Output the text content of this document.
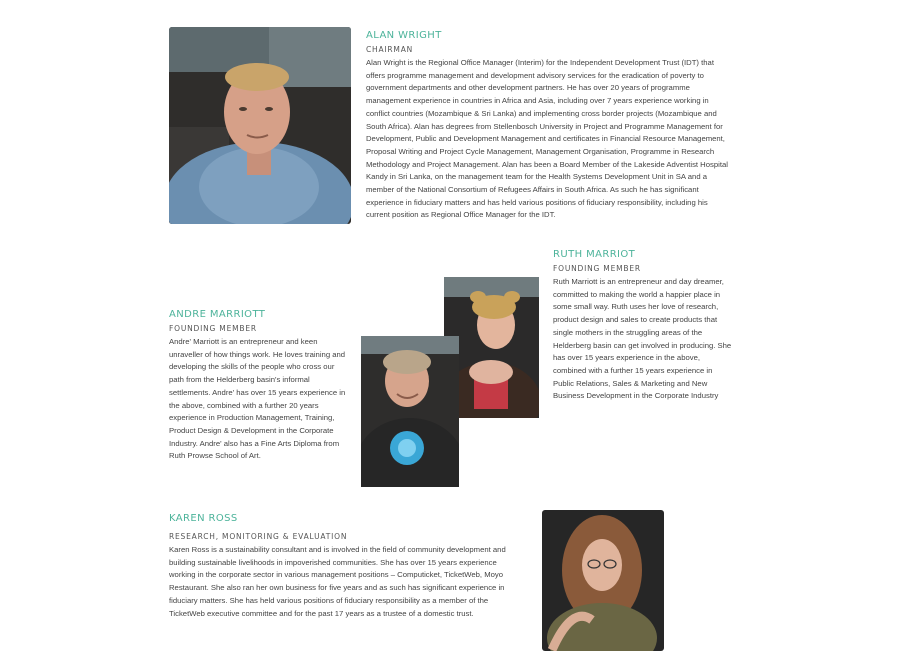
ALAN WRIGHT

CHAIRMAN

Alan Wright is the Regional Office Manager (Interim) for the Independent Development Trust (IDT) that offers programme management and development advisory services for the eradication of poverty to government departments and other development partners. He has over 20 years of programme management experience in countries in Africa and Asia, including over 7 years experience working in conflict countries (Mozambique & Sri Lanka) and implementing cross border projects (Mozambique and South Africa). Alan has degrees from Stellenbosch University in Project and Programme Management for Development, Public and Development Management and certificates in Financial Resource Management, Proposal Writing and Project Cycle Management, Management Organisation, Programme in Research Methodology and Project Management. Alan has been a Board Member of the Lakeside Adventist Hospital Kandy in Sri Lanka, on the management team for the Health Systems Development Unit in SA and a member of the National Consortium of Refugees Affairs in South Africa. As such he has significant experience in fiduciary matters and has held various positions of fiduciary responsibility, including his current position as Regional Office Manager for the IDT.

RUTH MARRIOT

FOUNDING MEMBER

Ruth Marriott is an entrepreneur and day dreamer, committed to making the world a happier place in some small way. Ruth uses her love of research, product design and sales to create products that single mothers in the struggling areas of the Helderberg basin can get involved in producing. She has over 15 years experience in the above, combined with a further 15 years experience in Public Relations, Sales & Marketing and New Business Development in the Corporate Industry

ANDRE MARRIOTT

FOUNDING MEMBER

Andre' Marriott is an entrepreneur and keen unraveller of how things work. He loves training and developing the skills of the people who cross our path from the Helderberg basin's informal settlements. Andre' has over 15 years experience in the above, combined with a further 20 years experience in Production Management, Training, Product Design & Development in the Corporate Industry. Andre' also has a Fine Arts Diploma from Ruth Prowse School of Art.

KAREN ROSS

RESEARCH, MONITORING & EVALUATION

Karen Ross is a sustainability consultant and is involved in the field of community development and building sustainable livelihoods in impoverished communities. She has over 15 years experience working in the corporate sector in various management positions – Computicket, TicketWeb, Moyo Restaurant. She also ran her own business for five years and as such has significant experience in fiduciary matters. She has held various positions of fiduciary responsibility as a member of the TicketWeb executive committee and for the past 17 years as a trustee of a domestic trust.
